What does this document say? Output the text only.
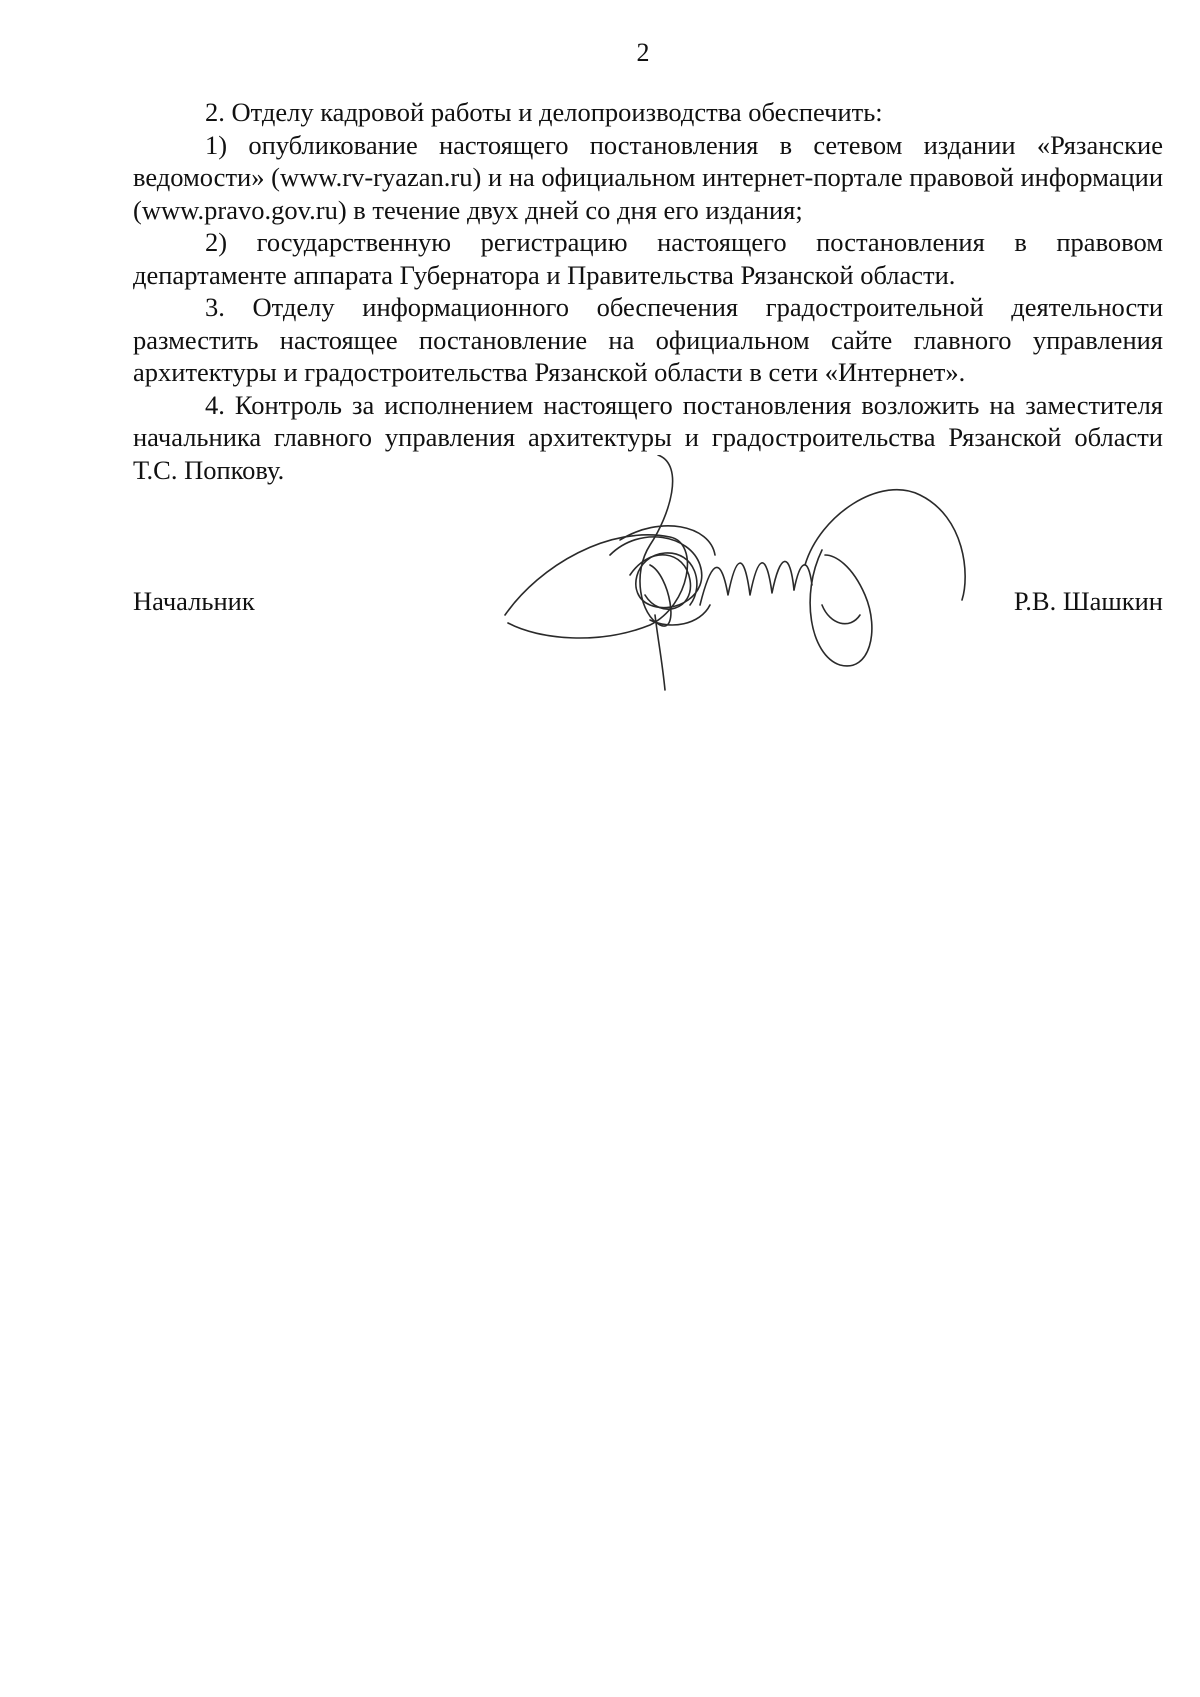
2

2. Отделу кадровой работы и делопроизводства обеспечить:

1) опубликование настоящего постановления в сетевом издании «Рязанские ведомости» (www.rv-ryazan.ru) и на официальном интернет-портале правовой информации (www.pravo.gov.ru) в течение двух дней со дня его издания;

2) государственную регистрацию настоящего постановления в правовом департаменте аппарата Губернатора и Правительства Рязанской области.

3. Отделу информационного обеспечения градостроительной деятельности разместить настоящее постановление на официальном сайте главного управления архитектуры и градостроительства Рязанской области в сети «Интернет».

4. Контроль за исполнением настоящего постановления возложить на заместителя начальника главного управления архитектуры и градостроительства Рязанской области Т.С. Попкову.

Начальник	Р.В. Шашкин
